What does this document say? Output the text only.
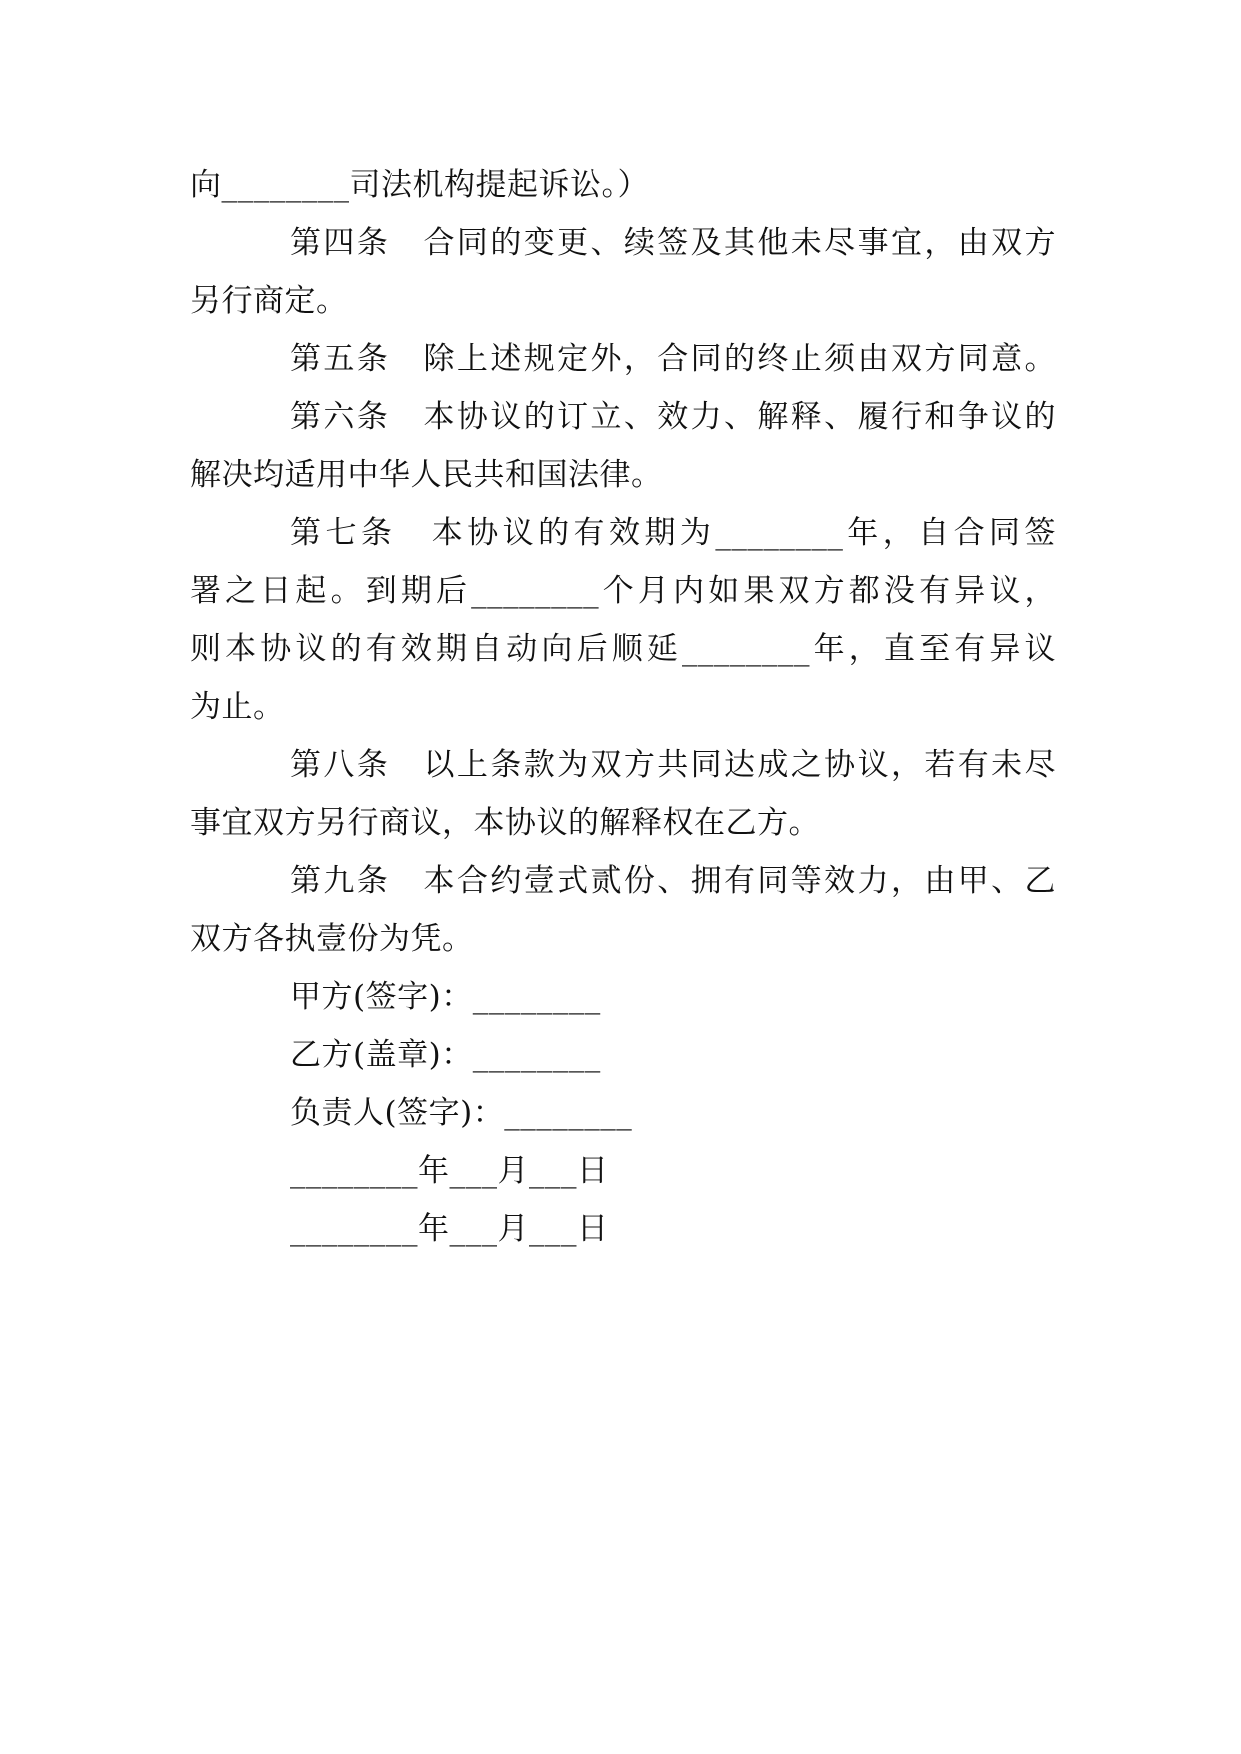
向________司法机构提起诉讼。）
第四条　合同的变更、续签及其他未尽事宜，由双方
另行商定。
第五条　除上述规定外，合同的终止须由双方同意。
第六条　本协议的订立、效力、解释、履行和争议的
解决均适用中华人民共和国法律。
第七条　本协议的有效期为________年，自合同签
署之日起。到期后________个月内如果双方都没有异议，
则本协议的有效期自动向后顺延________年，直至有异议
为止。
第八条　以上条款为双方共同达成之协议，若有未尽
事宜双方另行商议，本协议的解释权在乙方。
第九条　本合约壹式贰份、拥有同等效力，由甲、乙
双方各执壹份为凭。
甲方(签字)：________
乙方(盖章)：________
负责人(签字)：________
________年___月___日
________年___月___日
